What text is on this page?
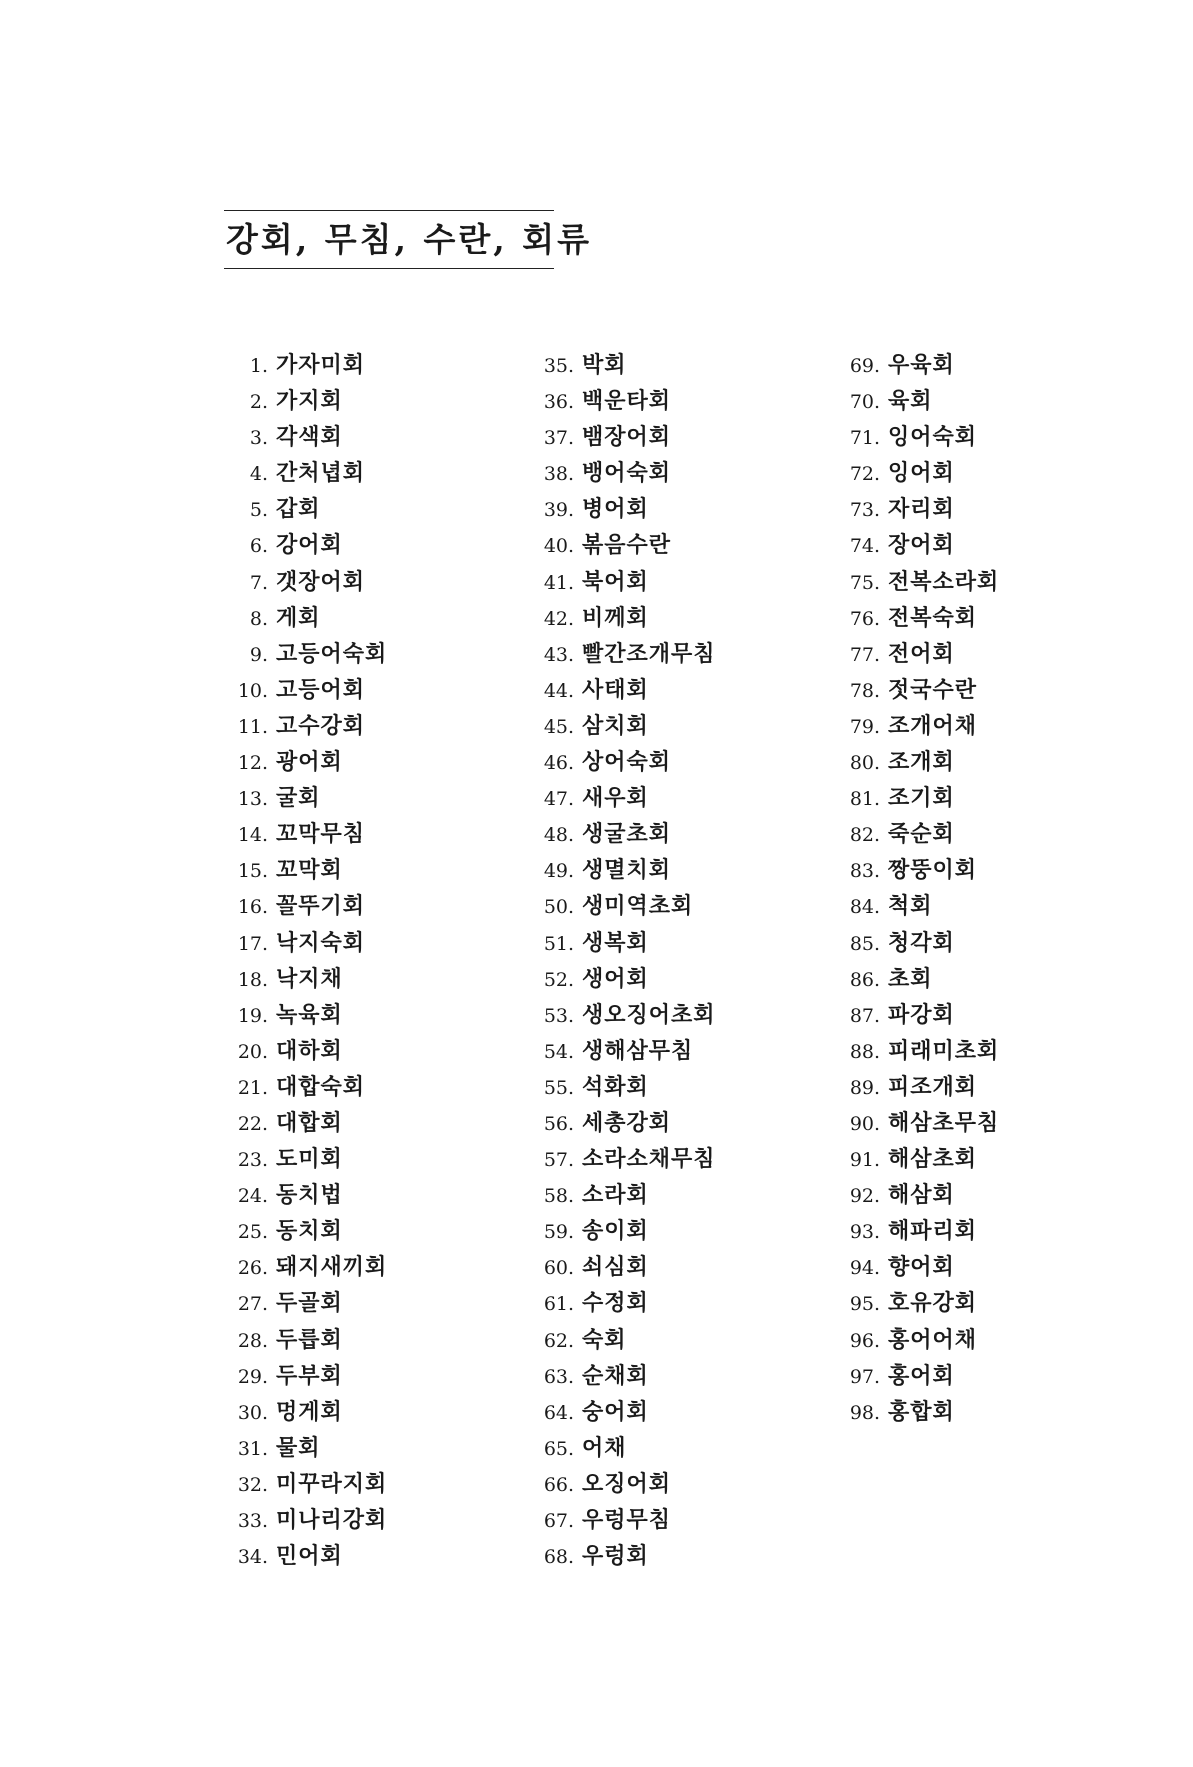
강회, 무침, 수란, 회류
1. 가자미회
2. 가지회
3. 각색회
4. 간처녑회
5. 갑회
6. 강어회
7. 갯장어회
8. 게회
9. 고등어숙회
10. 고등어회
11. 고수강회
12. 광어회
13. 굴회
14. 꼬막무침
15. 꼬막회
16. 꼴뚜기회
17. 낙지숙회
18. 낙지채
19. 녹육회
20. 대하회
21. 대합숙회
22. 대합회
23. 도미회
24. 동치법
25. 동치회
26. 돼지새끼회
27. 두골회
28. 두릅회
29. 두부회
30. 멍게회
31. 물회
32. 미꾸라지회
33. 미나리강회
34. 민어회
35. 박회
36. 백운타회
37. 뱀장어회
38. 뱅어숙회
39. 병어회
40. 볶음수란
41. 북어회
42. 비께회
43. 빨간조개무침
44. 사태회
45. 삼치회
46. 상어숙회
47. 새우회
48. 생굴초회
49. 생멸치회
50. 생미역초회
51. 생복회
52. 생어회
53. 생오징어초회
54. 생해삼무침
55. 석화회
56. 세총강회
57. 소라소채무침
58. 소라회
59. 송이회
60. 쇠심회
61. 수정회
62. 숙회
63. 순채회
64. 숭어회
65. 어채
66. 오징어회
67. 우렁무침
68. 우렁회
69. 우육회
70. 육회
71. 잉어숙회
72. 잉어회
73. 자리회
74. 장어회
75. 전복소라회
76. 전복숙회
77. 전어회
78. 젓국수란
79. 조개어채
80. 조개회
81. 조기회
82. 죽순회
83. 짱뚱이회
84. 척회
85. 청각회
86. 초회
87. 파강회
88. 피래미초회
89. 피조개회
90. 해삼초무침
91. 해삼초회
92. 해삼회
93. 해파리회
94. 향어회
95. 호유강회
96. 홍어어채
97. 홍어회
98. 홍합회
